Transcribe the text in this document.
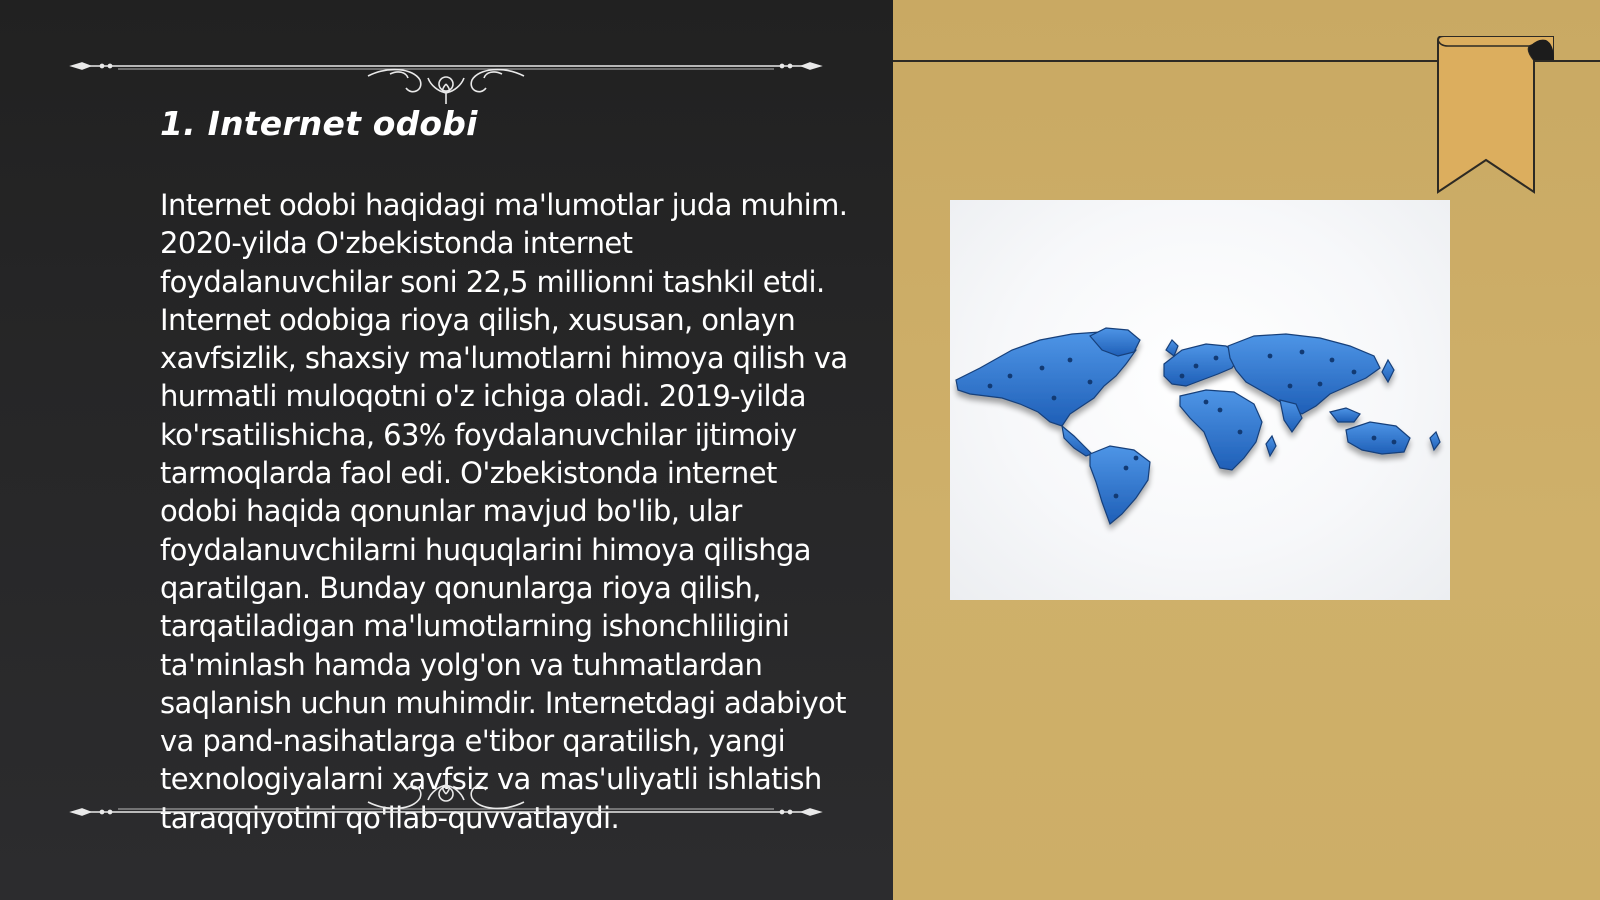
1. Internet odobi

Internet odobi haqidagi ma'lumotlar juda muhim. 2020-yilda O'zbekistonda internet foydalanuvchilar soni 22,5 millionni tashkil etdi. Internet odobiga rioya qilish, xususan, onlayn xavfsizlik, shaxsiy ma'lumotlarni himoya qilish va hurmatli muloqotni o'z ichiga oladi. 2019-yilda ko'rsatilishicha, 63% foydalanuvchilar ijtimoiy tarmoqlarda faol edi. O'zbekistonda internet odobi haqida qonunlar mavjud bo'lib, ular foydalanuvchilarni huquqlarini himoya qilishga qaratilgan. Bunday qonunlarga rioya qilish, tarqatiladigan ma'lumotlarning ishonchliligini ta'minlash hamda yolg'on va tuhmatlardan saqlanish uchun muhimdir. Internetdagi adabiyot va pand-nasihatlarga e'tibor qaratilish, yangi texnologiyalarni xavfsiz va mas'uliyatli ishlatish taraqqiyotini qo'llab-quvvatlaydi.
